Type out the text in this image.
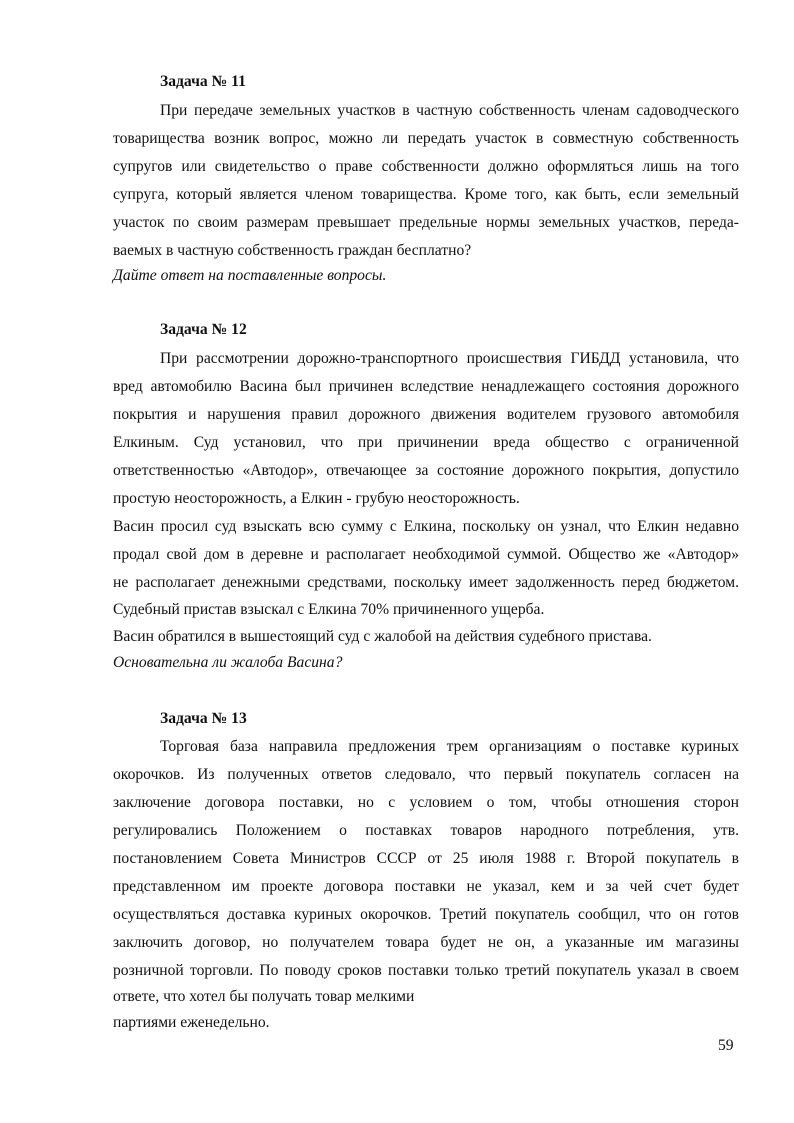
Задача № 11
При передаче земельных участков в частную собственность членам садоводческого
товарищества возник вопрос, можно ли передать участок в совместную собственность
супругов или свидетельство о праве собственности должно оформляться лишь на того
супруга, который является членом товарищества. Кроме того, как быть, если земельный
участок по своим размерам превышает предельные нормы земельных участков, переда-
ваемых в частную собственность граждан бесплатно?
Дайте ответ на поставленные вопросы.
Задача № 12
При рассмотрении дорожно-транспортного происшествия ГИБДД установила, что
вред автомобилю Васина был причинен вследствие ненадлежащего состояния дорожного
покрытия и нарушения правил дорожного движения водителем грузового автомобиля
Елкиным. Суд установил, что при причинении вреда общество с ограниченной
ответственностью «Автодор», отвечающее за состояние дорожного покрытия, допустило
простую неосторожность, а Елкин - грубую неосторожность.
Васин просил суд взыскать всю сумму с Елкина, поскольку он узнал, что Елкин недавно
продал свой дом в деревне и располагает необходимой суммой. Общество же «Автодор»
не располагает денежными средствами, поскольку имеет задолженность перед бюджетом.
Судебный пристав взыскал с Елкина 70% причиненного ущерба.
Васин обратился в вышестоящий суд с жалобой на действия судебного пристава.
Основательна ли жалоба Васина?
Задача № 13
Торговая база направила предложения трем организациям о поставке куриных
окорочков. Из полученных ответов следовало, что первый покупатель согласен на
заключение договора поставки, но с условием о том, чтобы отношения сторон
регулировались Положением о поставках товаров народного потребления, утв.
постановлением Совета Министров СССР от 25 июля 1988 г. Второй покупатель в
представленном им проекте договора поставки не указал, кем и за чей счет будет
осуществляться доставка куриных окорочков. Третий покупатель сообщил, что он готов
заключить договор, но получателем товара будет не он, а указанные им магазины
розничной торговли. По поводу сроков поставки только третий покупатель указал в своем
ответе, что хотел бы получать товар мелкими
партиями еженедельно.
59
